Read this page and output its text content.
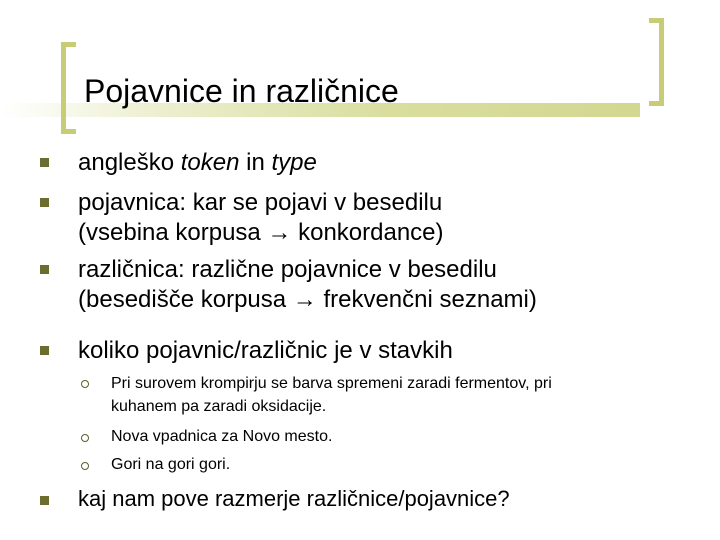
Pojavnice in različnice

angleško token in type

pojavnica: kar se pojavi v besedilu
(vsebina korpusa → konkordance)

različnica: različne pojavnice v besedilu
(besedišče korpusa → frekvenčni seznami)

koliko pojavnic/različnic je v stavkih

Pri surovem krompirju se barva spremeni zaradi fermentov, pri
kuhanem pa zaradi oksidacije.

Nova vpadnica za Novo mesto.

Gori na gori gori.

kaj nam pove razmerje različnice/pojavnice?
